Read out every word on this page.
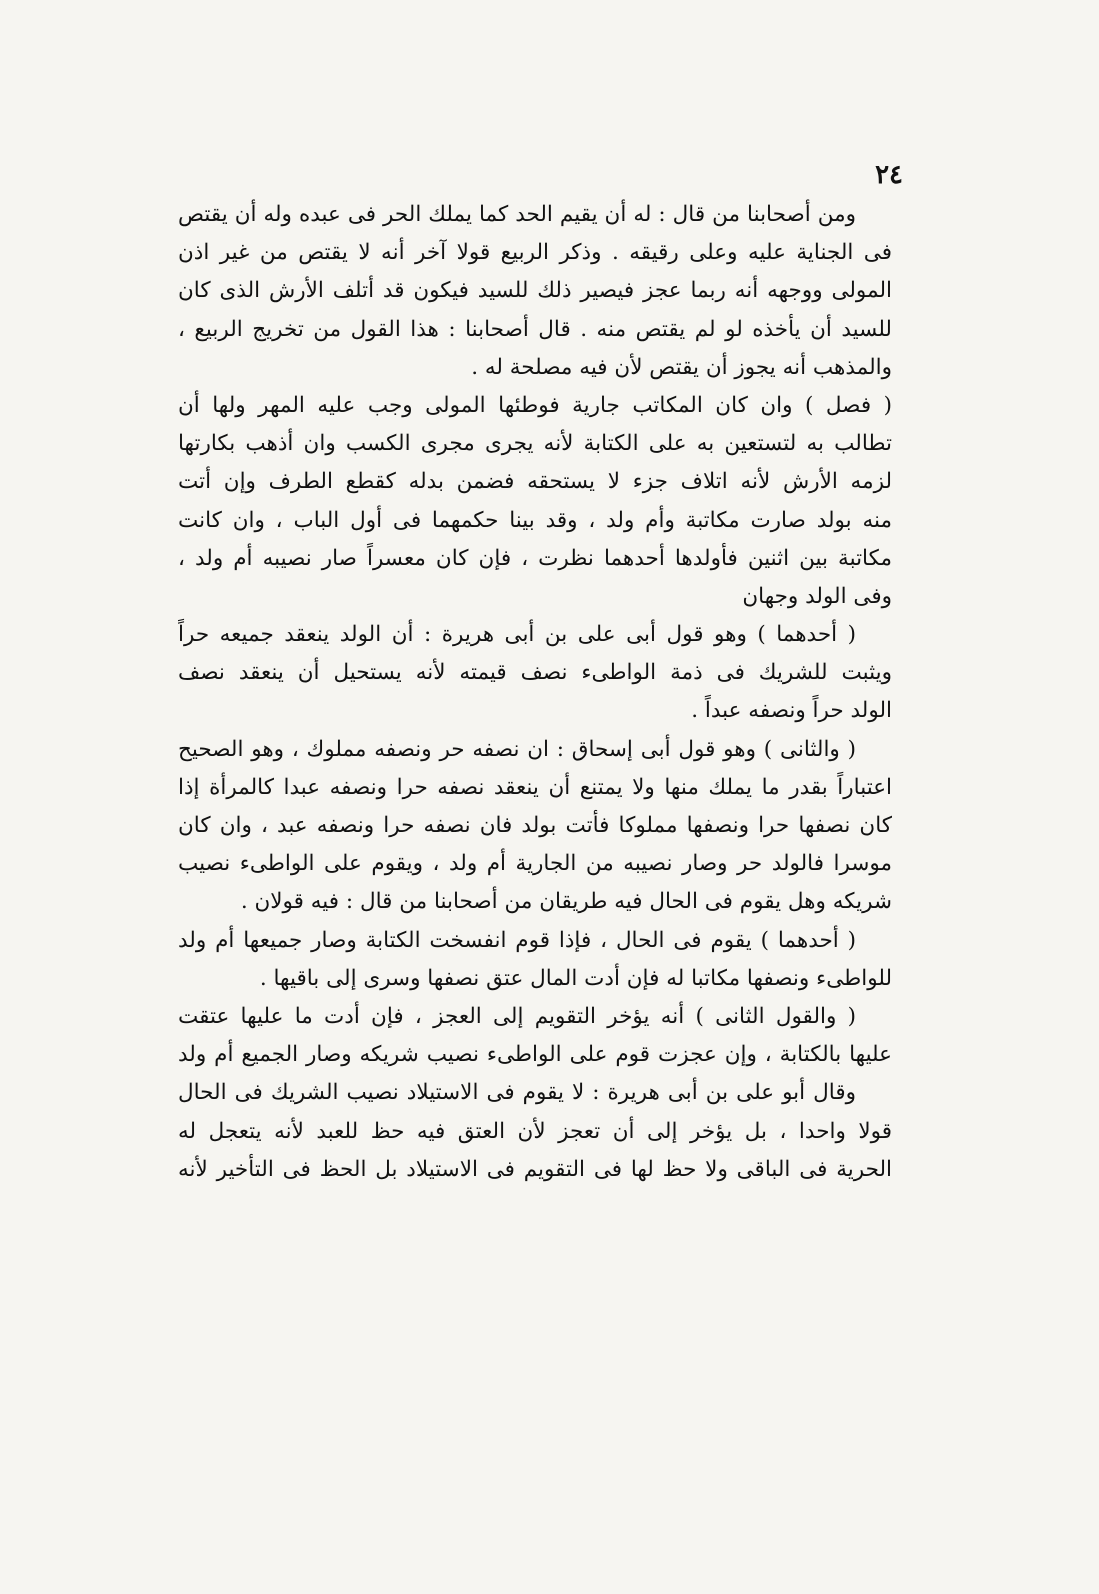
٢٤
ومن أصحابنا من قال : له أن يقيم الحد كما يملك الحر فى عبده وله أن يقتص
فى الجناية عليه وعلى رقيقه . وذكر الربيع قولا آخر أنه لا يقتص من غير اذن
المولى ووجهه أنه ربما عجز فيصير ذلك للسيد فيكون قد أتلف الأرش الذى كان
للسيد أن يأخذه لو لم يقتص منه . قال أصحابنا : هذا القول من تخريج الربيع ،
والمذهب أنه يجوز أن يقتص لأن فيه مصلحة له .
( فصل ) وان كان المكاتب جارية فوطئها المولى وجب عليه المهر ولها أن
تطالب به لتستعين به على الكتابة لأنه يجرى مجرى الكسب وان أذهب بكارتها
لزمه الأرش لأنه اتلاف جزء لا يستحقه فضمن بدله كقطع الطرف وإن أتت
منه بولد صارت مكاتبة وأم ولد ، وقد بينا حكمهما فى أول الباب ، وان كانت
مكاتبة بين اثنين فأولدها أحدهما نظرت ، فإن كان معسراً صار نصيبه أم ولد ،
وفى الولد وجهان
( أحدهما ) وهو قول أبى على بن أبى هريرة : أن الولد ينعقد جميعه حراً
ويثبت للشريك فى ذمة الواطىء نصف قيمته لأنه يستحيل أن ينعقد نصف
الولد حراً ونصفه عبداً .
( والثانى ) وهو قول أبى إسحاق : ان نصفه حر ونصفه مملوك ، وهو الصحيح
اعتباراً بقدر ما يملك منها ولا يمتنع أن ينعقد نصفه حرا ونصفه عبدا كالمرأة إذا
كان نصفها حرا ونصفها مملوكا فأتت بولد فان نصفه حرا ونصفه عبد ، وان كان
موسرا فالولد حر وصار نصيبه من الجارية أم ولد ، ويقوم على الواطىء نصيب
شريكه وهل يقوم فى الحال فيه طريقان من أصحابنا من قال : فيه قولان .
( أحدهما ) يقوم فى الحال ، فإذا قوم انفسخت الكتابة وصار جميعها أم ولد
للواطىء ونصفها مكاتبا له فإن أدت المال عتق نصفها وسرى إلى باقيها .
( والقول الثانى ) أنه يؤخر التقويم إلى العجز ، فإن أدت ما عليها عتقت
عليها بالكتابة ، وإن عجزت قوم على الواطىء نصيب شريكه وصار الجميع أم ولد
وقال أبو على بن أبى هريرة : لا يقوم فى الاستيلاد نصيب الشريك فى الحال
قولا واحدا ، بل يؤخر إلى أن تعجز لأن العتق فيه حظ للعبد لأنه يتعجل له
الحرية فى الباقى ولا حظ لها فى التقويم فى الاستيلاد بل الحظ فى التأخير لأنه
